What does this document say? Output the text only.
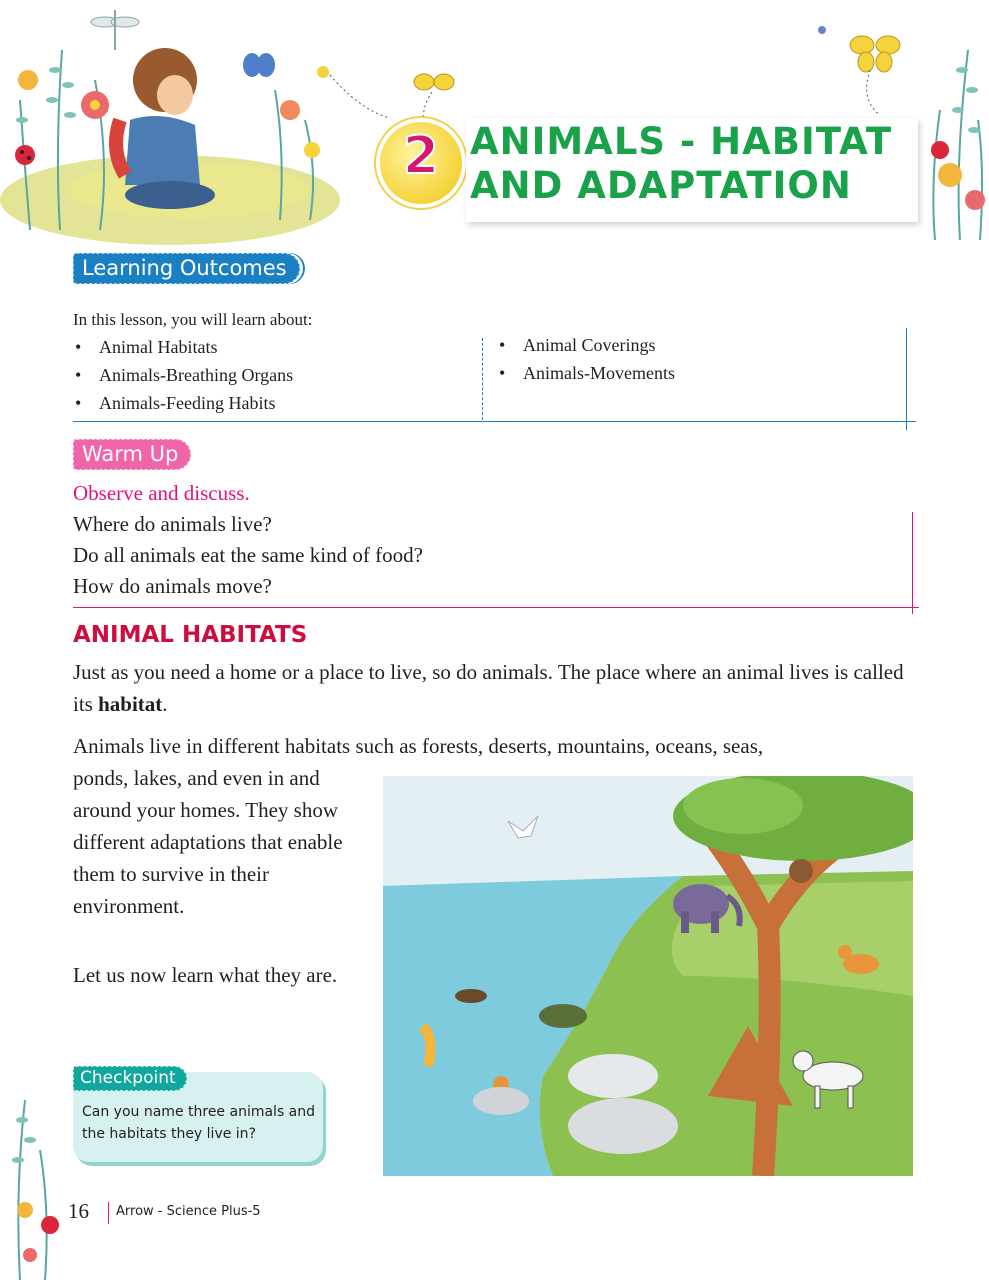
2 ANIMALS - HABITAT AND ADAPTATION
Learning Outcomes
In this lesson, you will learn about:
• Animal Habitats
• Animals-Breathing Organs
• Animals-Feeding Habits
• Animal Coverings
• Animals-Movements
Warm Up
Observe and discuss.
Where do animals live?
Do all animals eat the same kind of food?
How do animals move?
ANIMAL HABITATS
Just as you need a home or a place to live, so do animals. The place where an animal lives is called its habitat.
Animals live in different habitats such as forests, deserts, mountains, oceans, seas,
ponds, lakes, and even in and around your homes. They show different adaptations that enable them to survive in their environment.
Let us now learn what they are.
Checkpoint
Can you name three animals and the habitats they live in?
16 Arrow - Science Plus-5
